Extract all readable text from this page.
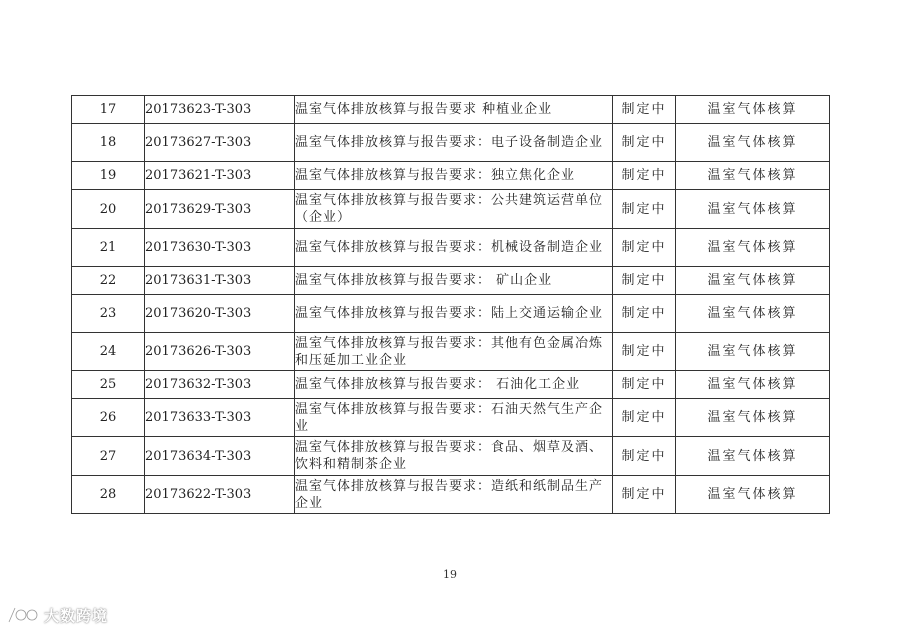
17	20173623-T-303	温室气体排放核算与报告要求 种植业企业	制定中	温室气体核算
18	20173627-T-303	温室气体排放核算与报告要求：电子设备制造企业	制定中	温室气体核算
19	20173621-T-303	温室气体排放核算与报告要求：独立焦化企业	制定中	温室气体核算
20	20173629-T-303	温室气体排放核算与报告要求：公共建筑运营单位（企业）	制定中	温室气体核算
21	20173630-T-303	温室气体排放核算与报告要求：机械设备制造企业	制定中	温室气体核算
22	20173631-T-303	温室气体排放核算与报告要求： 矿山企业	制定中	温室气体核算
23	20173620-T-303	温室气体排放核算与报告要求：陆上交通运输企业	制定中	温室气体核算
24	20173626-T-303	温室气体排放核算与报告要求：其他有色金属冶炼和压延加工业企业	制定中	温室气体核算
25	20173632-T-303	温室气体排放核算与报告要求： 石油化工企业	制定中	温室气体核算
26	20173633-T-303	温室气体排放核算与报告要求：石油天然气生产企业	制定中	温室气体核算
27	20173634-T-303	温室气体排放核算与报告要求：食品、烟草及酒、饮料和精制茶企业	制定中	温室气体核算
28	20173622-T-303	温室气体排放核算与报告要求：造纸和纸制品生产企业	制定中	温室气体核算
19
大数跨境
